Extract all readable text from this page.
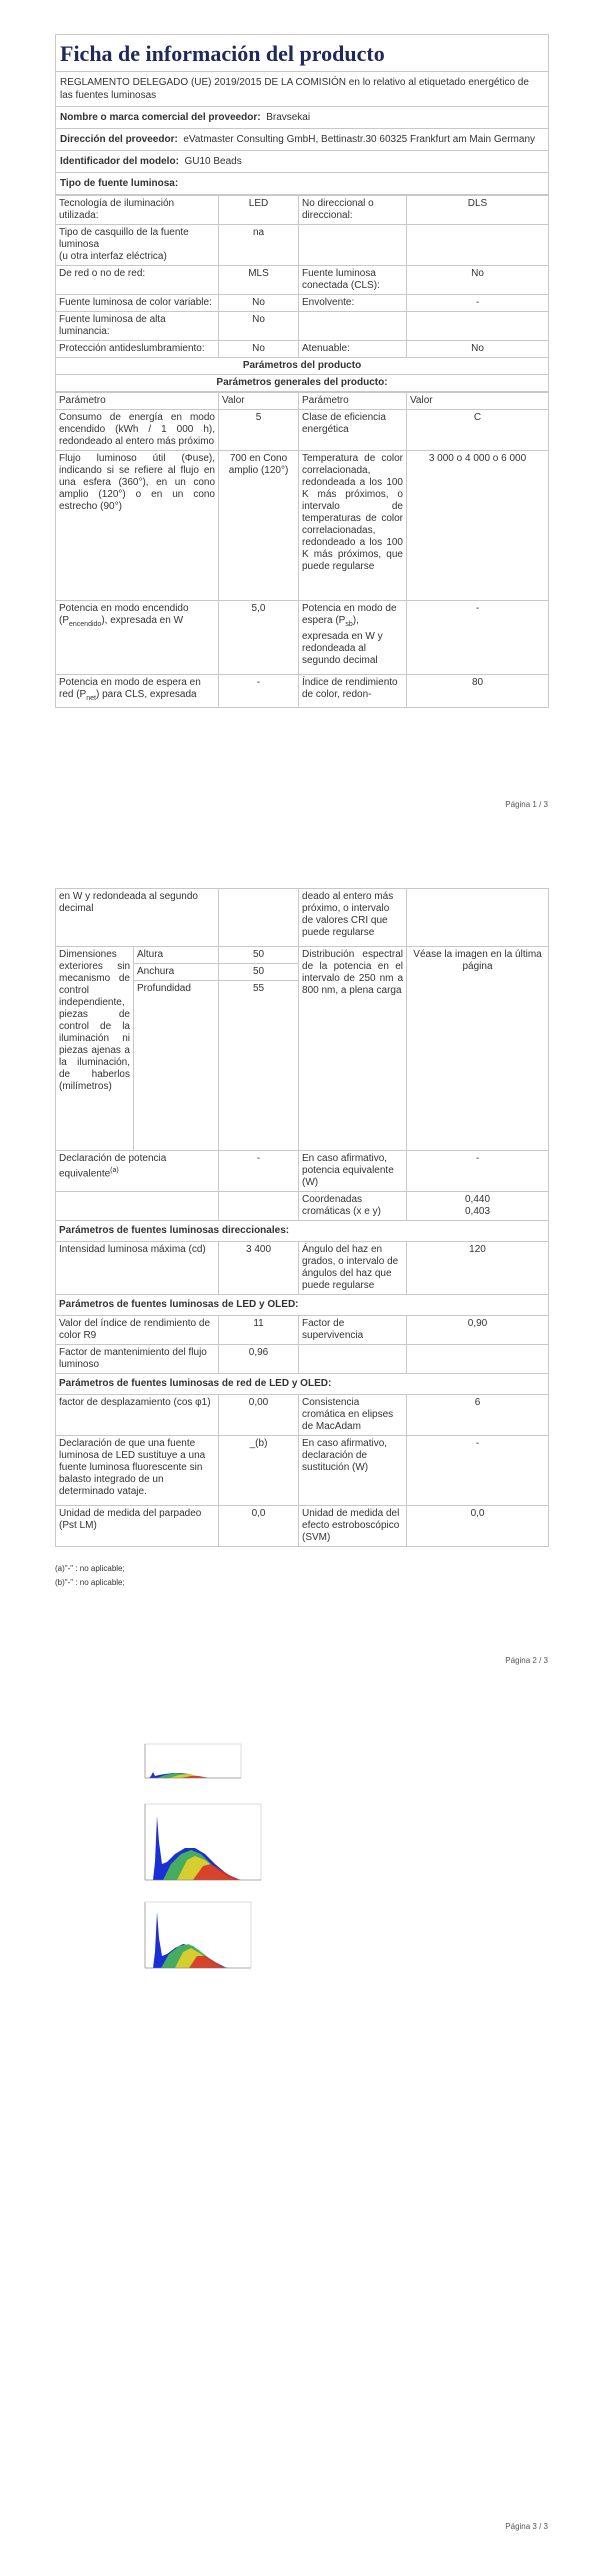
Ficha de información del producto
REGLAMENTO DELEGADO (UE) 2019/2015 DE LA COMISIÓN en lo relativo al etiquetado energético de las fuentes luminosas
Nombre o marca comercial del proveedor: Bravsekai
Dirección del proveedor: eVatmaster Consulting GmbH, Bettinastr.30 60325 Frankfurt am Main Germany
Identificador del modelo: GU10 Beads
Tipo de fuente luminosa:
Tecnología de iluminación utilizada:	LED	No direccional o direccional:	DLS
Tipo de casquillo de la fuente luminosa
(u otra interfaz eléctrica)	na		
De red o no de red:	MLS	Fuente luminosa conectada (CLS):	No
Fuente luminosa de color variable:	No	Envolvente:	-
Fuente luminosa de alta luminancia:	No		
Protección antideslumbramiento:	No	Atenuable:	No
Parámetros del producto			
Parámetros generales del producto:			
Parámetro	Valor	Parámetro	Valor
Consumo de energía en modo encendido (kWh / 1 000 h), redondeado al entero más próximo	5	Clase de eficiencia energética	C
Flujo luminoso útil (Φuse), indicando si se refiere al flujo en una esfera (360°), en un cono amplio (120°) o en un cono estrecho (90°)	700 en Cono amplio (120°)	Temperatura de color correlacionada, redondeada a los 100 K más próximos, o intervalo de temperaturas de color correlacionadas, redondeado a los 100 K más próximos, que puede regularse	3 000 o 4 000 o 6 000
Potencia en modo encendido $(P_{encendido})$, expresada en W	5,0	Potencia en modo de espera $(P_{sb})$, expresada en W y redondeada al segundo decimal	-
Potencia en modo de espera en red $(P_{net})$ para CLS, expresada	-	Índice de rendimiento de color, redon-	80
Página 1 / 3
en W y redondeada al segundo decimal			deado al entero más próximo, o intervalo de valores CRI que puede regularse	
Dimensiones exteriores sin mecanismo de control independiente, piezas de control de la iluminación ni piezas ajenas a la iluminación, de haberlos (milímetros)	Altura	50	Distribución espectral de la potencia en el intervalo de 250 nm a 800 nm, a plena carga	Véase la imagen en la última página
	Anchura	50		
	Profundidad	55		
Declaración de potencia equivalente$^{(a)}$		-	En caso afirmativo, potencia equivalente (W)	-
			Coordenadas cromáticas (x e y)	0,440
0,403
Parámetros de fuentes luminosas direccionales:				
Intensidad luminosa máxima (cd)		3 400	Ángulo del haz en grados, o intervalo de ángulos del haz que puede regularse	120
Parámetros de fuentes luminosas de LED y OLED:				
Valor del índice de rendimiento de color R9		11	Factor de supervivencia	0,90
Factor de mantenimiento del flujo luminoso		0,96		
Parámetros de fuentes luminosas de red de LED y OLED:				
factor de desplazamiento (cos φ1)		0,00	Consistencia cromática en elipses de MacAdam	6
Declaración de que una fuente luminosa de LED sustituye a una fuente luminosa fluorescente sin balasto integrado de un determinado vataje.		_(b)	En caso afirmativo, declaración de sustitución (W)	-
Unidad de medida del parpadeo (Pst LM)		0,0	Unidad de medida del efecto estroboscópico (SVM)	0,0
(a)"-" : no aplicable;
(b)"-" : no aplicable;
Página 2 / 3
Página 3 / 3
